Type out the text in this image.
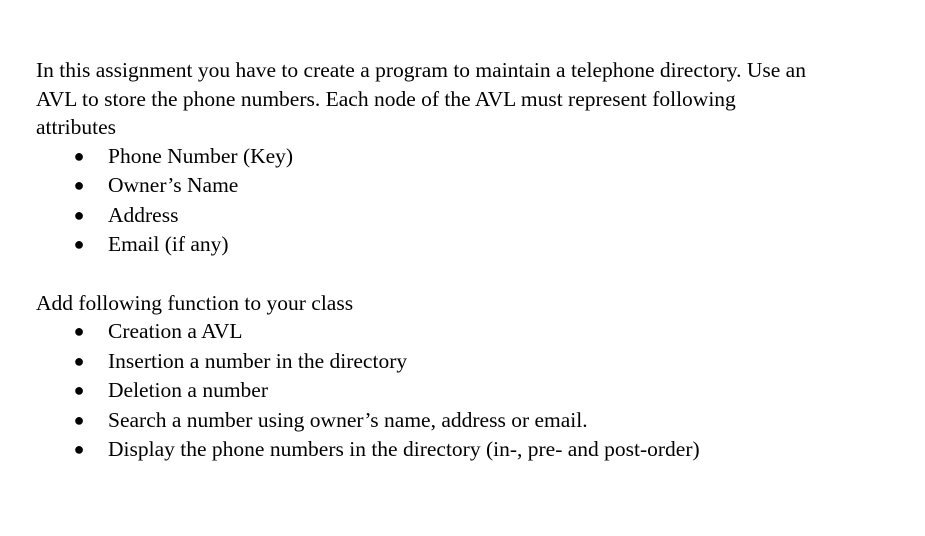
In this assignment you have to create a program to maintain a telephone directory. Use an
AVL to store the phone numbers. Each node of the AVL must represent following
attributes

● Phone Number (Key)
● Owner’s Name
● Address
● Email (if any)

Add following function to your class

● Creation a AVL
● Insertion a number in the directory
● Deletion a number
● Search a number using owner’s name, address or email.
● Display the phone numbers in the directory (in-, pre- and post-order)
